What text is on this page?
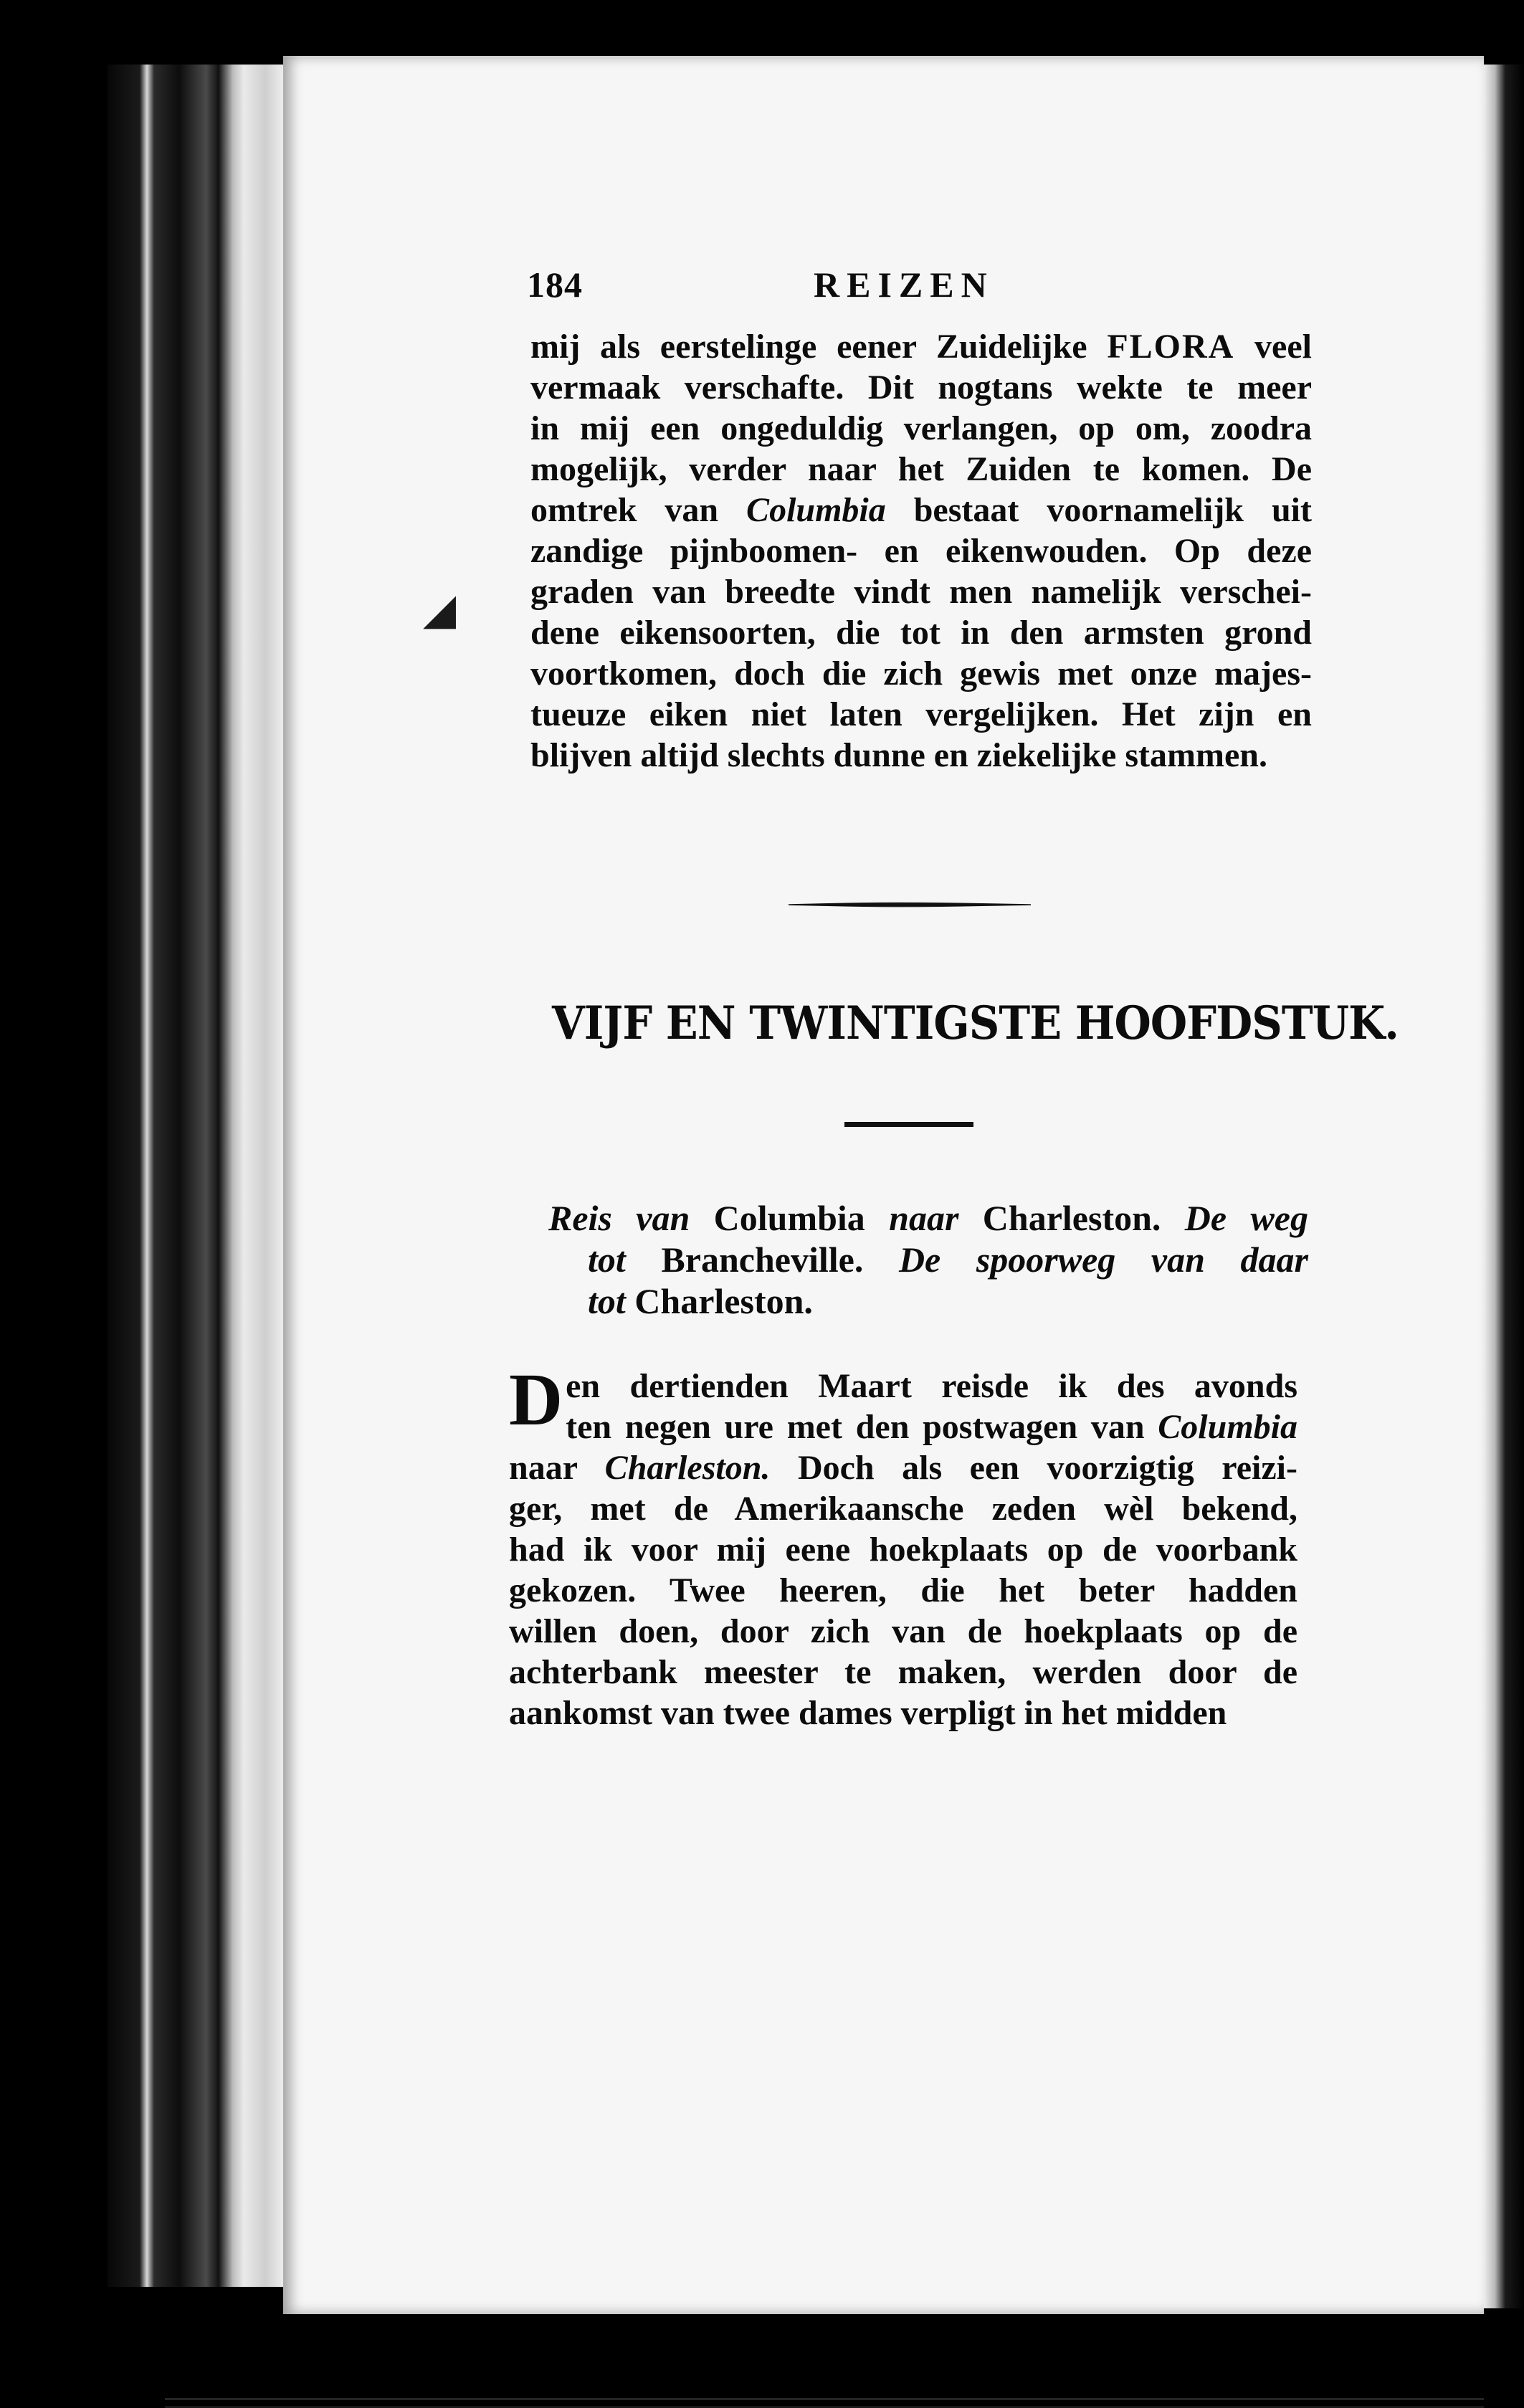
184	REIZEN
mij als eerstelinge eener Zuidelijke FLORA veel
vermaak verschafte. Dit nogtans wekte te meer
in mij een ongeduldig verlangen, op om, zoodra
mogelijk, verder naar het Zuiden te komen. De
omtrek van Columbia bestaat voornamelijk uit
zandige pijnboomen- en eikenwouden. Op deze
graden van breedte vindt men namelijk verschei-
dene eikensoorten, die tot in den armsten grond
voortkomen, doch die zich gewis met onze majes-
tueuze eiken niet laten vergelijken. Het zijn en
blijven altijd slechts dunne en ziekelijke stammen.
VIJF EN TWINTIGSTE HOOFDSTUK.
Reis van Columbia naar Charleston. De weg
tot Brancheville. De spoorweg van daar
tot Charleston.
D en dertienden Maart reisde ik des avonds
ten negen ure met den postwagen van Columbia
naar Charleston. Doch als een voorzigtig reizi-
ger, met de Amerikaansche zeden wèl bekend,
had ik voor mij eene hoekplaats op de voorbank
gekozen. Twee heeren, die het beter hadden
willen doen, door zich van de hoekplaats op de
achterbank meester te maken, werden door de
aankomst van twee dames verpligt in het midden
◢
